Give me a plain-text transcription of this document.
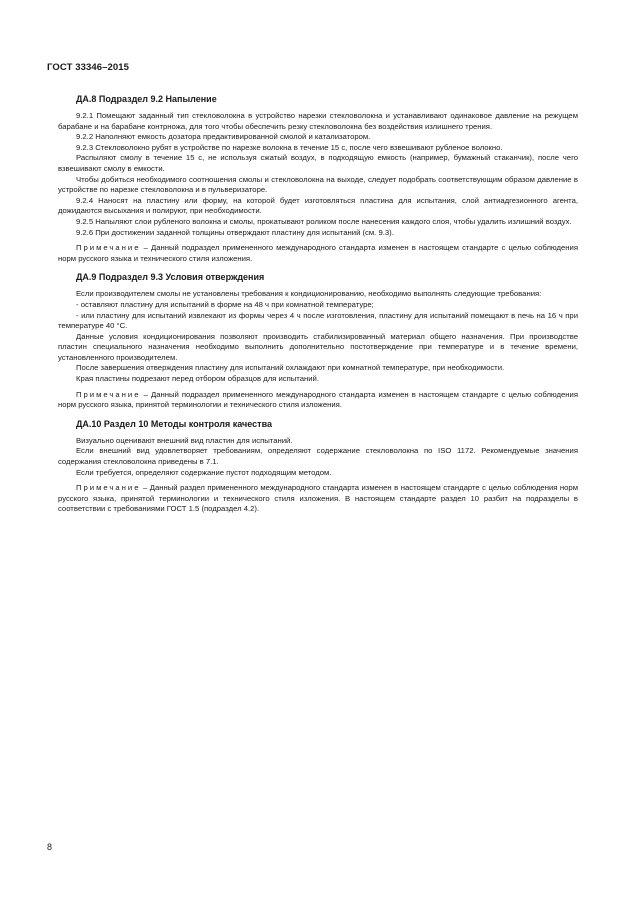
ГОСТ 33346–2015
ДА.8 Подраздел 9.2 Напыление

9.2.1 Помещают заданный тип стекловолокна в устройство нарезки стекловолокна и устанавливают одинаковое давление на режущем барабане и на барабане контрножа, для того чтобы обеспечить резку стекловолокна без воздействия излишнего трения.

9.2.2 Наполняют емкость дозатора предактивированной смолой и катализатором.

9.2.3 Стекловолокно рубят в устройстве по нарезке волокна в течение 15 с, после чего взвешивают рубленое волокно.

Распыляют смолу в течение 15 с, не используя сжатый воздух, в подходящую емкость (например, бумажный стаканчик), после чего взвешивают смолу в емкости.

Чтобы добиться необходимого соотношения смолы и стекловолокна на выходе, следует подобрать соответствующим образом давление в устройстве по нарезке стекловолокна и в пульверизаторе.

9.2.4 Наносят на пластину или форму, на которой будет изготовляться пластина для испытания, слой антиадгезионного агента, дожидаются высыхания и полируют, при необходимости.

9.2.5 Напыляют слои рубленого волокна и смолы, прокатывают роликом после нанесения каждого слоя, чтобы удалить излишний воздух.

9.2.6 При достижении заданной толщины отверждают пластину для испытаний (см. 9.3).

Примечание – Данный подраздел примененного международного стандарта изменен в настоящем стандарте с целью соблюдения норм русского языка и технического стиля изложения.

ДА.9 Подраздел 9.3 Условия отверждения

Если производителем смолы не установлены требования к кондиционированию, необходимо выполнять следующие требования:

- оставляют пластину для испытаний в форме на 48 ч при комнатной температуре;

- или пластину для испытаний извлекают из формы через 4 ч после изготовления, пластину для испытаний помещают в печь на 16 ч при температуре 40 °С.

Данные условия кондиционирования позволяют производить стабилизированный материал общего назначения. При производстве пластин специального назначения необходимо выполнить дополнительно постотверждение при температуре и в течение времени, установленного производителем.

После завершения отверждения пластину для испытаний охлаждают при комнатной температуре, при необходимости.

Края пластины подрезают перед отбором образцов для испытаний.

Примечание – Данный подраздел примененного международного стандарта изменен в настоящем стандарте с целью соблюдения норм русского языка, принятой терминологии и технического стиля изложения.

ДА.10 Раздел 10 Методы контроля качества

Визуально оценивают внешний вид пластин для испытаний.

Если внешний вид удовлетворяет требованиям, определяют содержание стекловолокна по ISO 1172. Рекомендуемые значения содержания стекловолокна приведены в 7.1.

Если требуется, определяют содержание пустот подходящим методом.

Примечание – Данный раздел примененного международного стандарта изменен в настоящем стандарте с целью соблюдения норм русского языка, принятой терминологии и технического стиля изложения. В настоящем стандарте раздел 10 разбит на подразделы в соответствии с требованиями ГОСТ 1.5 (подраздел 4.2).

8
